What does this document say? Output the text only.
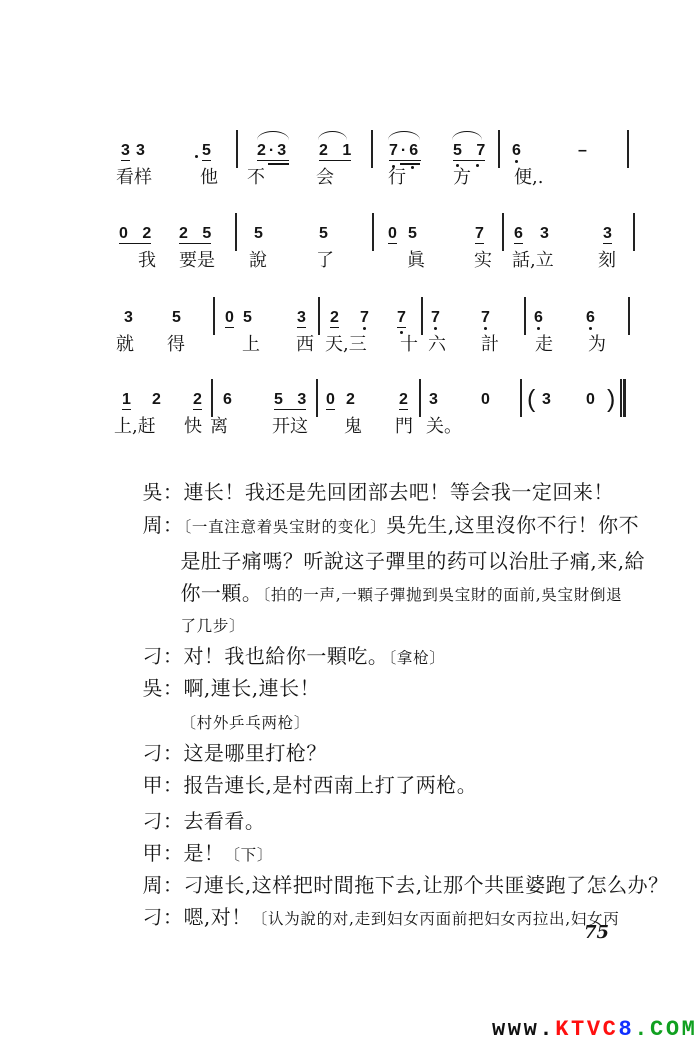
3 3	5	2·3 2 1 7·6 5 7 6	–
看样	他 不	会	行	方 便,.
0 2 2 5	5	5	0 5	7 6 3	3
我 要是 說	了	眞	实 話,立 刻
3 5	0 5	3 2 7 7 7	7	6	6
就 得	上 西 天,三 十 六 計 走 为
1 2 2 6	5 3 0 2	2 3	0 ( 3 0 )
上,赶 快 离 开这 鬼 門 关。

吳：連长！我还是先回团部去吧！等会我一定回来！

周：〔一直注意着吳宝財的变化〕吳先生,这里沒你不行！你不

是肚子痛嗎？听說这子彈里的药可以治肚子痛,来,給

你一顆。〔拍的一声,一顆子彈抛到吳宝財的面前,吳宝財倒退

了几步〕

刁：对！我也給你一顆吃。〔拿枪〕

吳：啊,連长,連长！

〔村外乒乓两枪〕

刁：这是哪里打枪？

甲：报告連长,是村西南上打了两枪。

刁：去看看。

甲：是！〔下〕

周：刁連长,这样把时間拖下去,让那个共匪婆跑了怎么办？

刁：嗯,对！〔认为說的对,走到妇女丙面前把妇女丙拉出,妇女丙

75
www.KTVC8.COM
